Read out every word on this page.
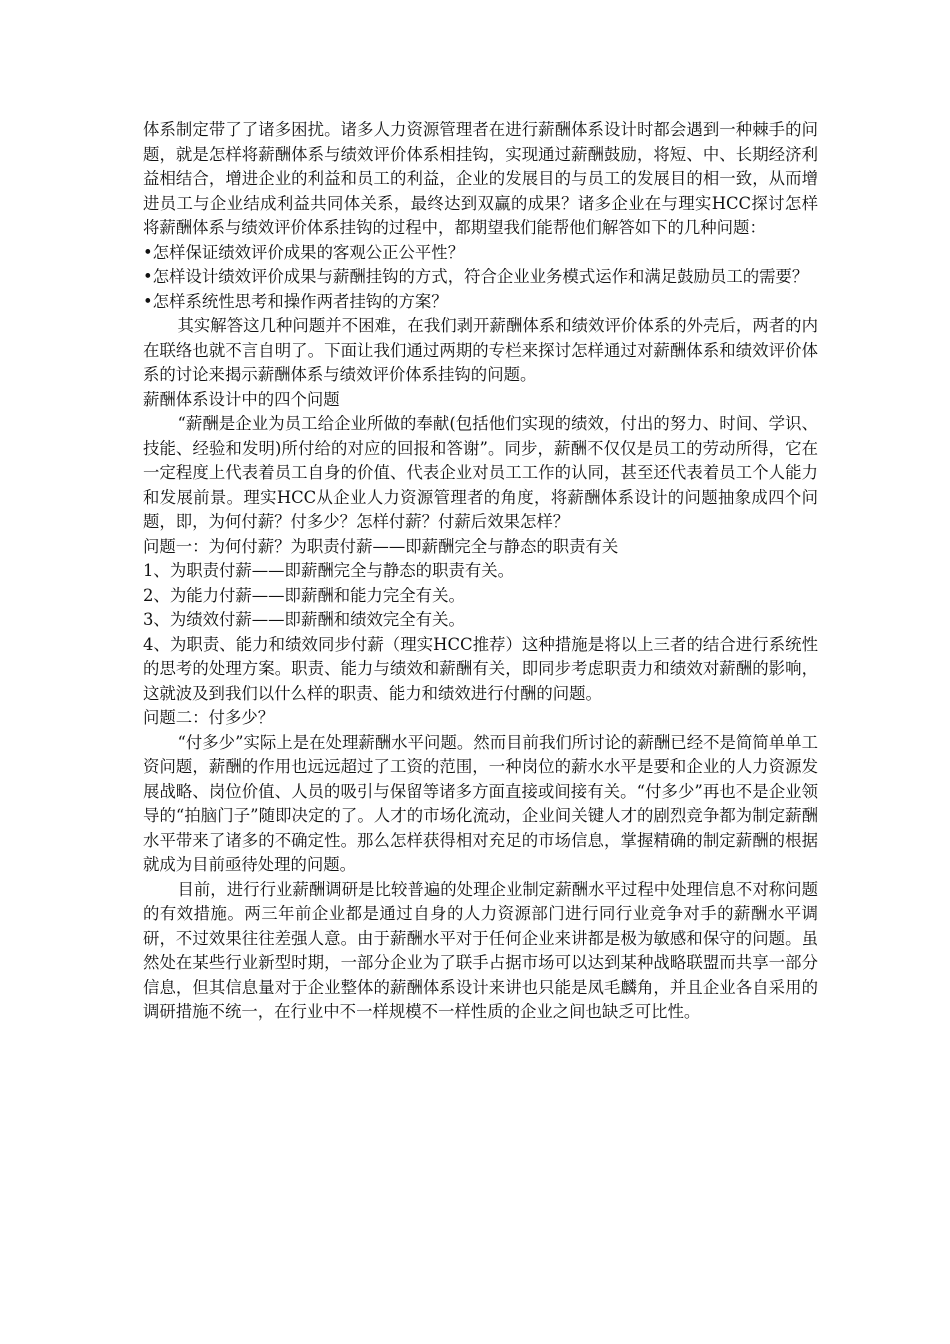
体系制定带了了诸多困扰。诸多人力资源管理者在进行薪酬体系设计时都会遇到一种棘手的问题，就是怎样将薪酬体系与绩效评价体系相挂钩，实现通过薪酬鼓励，将短、中、长期经济利益相结合，增进企业的利益和员工的利益，企业的发展目的与员工的发展目的相一致，从而增进员工与企业结成利益共同体关系，最终达到双赢的成果？诸多企业在与理实HCC探讨怎样将薪酬体系与绩效评价体系挂钩的过程中，都期望我们能帮他们解答如下的几种问题：

•怎样保证绩效评价成果的客观公正公平性？

•怎样设计绩效评价成果与薪酬挂钩的方式，符合企业业务模式运作和满足鼓励员工的需要？

•怎样系统性思考和操作两者挂钩的方案？

其实解答这几种问题并不困难，在我们剥开薪酬体系和绩效评价体系的外壳后，两者的内在联络也就不言自明了。下面让我们通过两期的专栏来探讨怎样通过对薪酬体系和绩效评价体系的讨论来揭示薪酬体系与绩效评价体系挂钩的问题。

薪酬体系设计中的四个问题

“薪酬是企业为员工给企业所做的奉献(包括他们实现的绩效，付出的努力、时间、学识、技能、经验和发明)所付给的对应的回报和答谢”。同步，薪酬不仅仅是员工的劳动所得，它在一定程度上代表着员工自身的价值、代表企业对员工工作的认同，甚至还代表着员工个人能力和发展前景。理实HCC从企业人力资源管理者的角度，将薪酬体系设计的问题抽象成四个问题，即，为何付薪？付多少？怎样付薪？付薪后效果怎样？

问题一：为何付薪？为职责付薪——即薪酬完全与静态的职责有关

1、为职责付薪——即薪酬完全与静态的职责有关。

2、为能力付薪——即薪酬和能力完全有关。

3、为绩效付薪——即薪酬和绩效完全有关。

4、为职责、能力和绩效同步付薪（理实HCC推荐）这种措施是将以上三者的结合进行系统性的思考的处理方案。职责、能力与绩效和薪酬有关，即同步考虑职责力和绩效对薪酬的影响，这就波及到我们以什么样的职责、能力和绩效进行付酬的问题。

问题二：付多少？

“付多少”实际上是在处理薪酬水平问题。然而目前我们所讨论的薪酬已经不是简简单单工资问题，薪酬的作用也远远超过了工资的范围，一种岗位的薪水水平是要和企业的人力资源发展战略、岗位价值、人员的吸引与保留等诸多方面直接或间接有关。“付多少”再也不是企业领导的“拍脑门子”随即决定的了。人才的市场化流动，企业间关键人才的剧烈竞争都为制定薪酬水平带来了诸多的不确定性。那么怎样获得相对充足的市场信息，掌握精确的制定薪酬的根据就成为目前亟待处理的问题。

目前，进行行业薪酬调研是比较普遍的处理企业制定薪酬水平过程中处理信息不对称问题的有效措施。两三年前企业都是通过自身的人力资源部门进行同行业竞争对手的薪酬水平调研，不过效果往往差强人意。由于薪酬水平对于任何企业来讲都是极为敏感和保守的问题。虽然处在某些行业新型时期，一部分企业为了联手占据市场可以达到某种战略联盟而共享一部分信息，但其信息量对于企业整体的薪酬体系设计来讲也只能是凤毛麟角，并且企业各自采用的调研措施不统一，在行业中不一样规模不一样性质的企业之间也缺乏可比性。
